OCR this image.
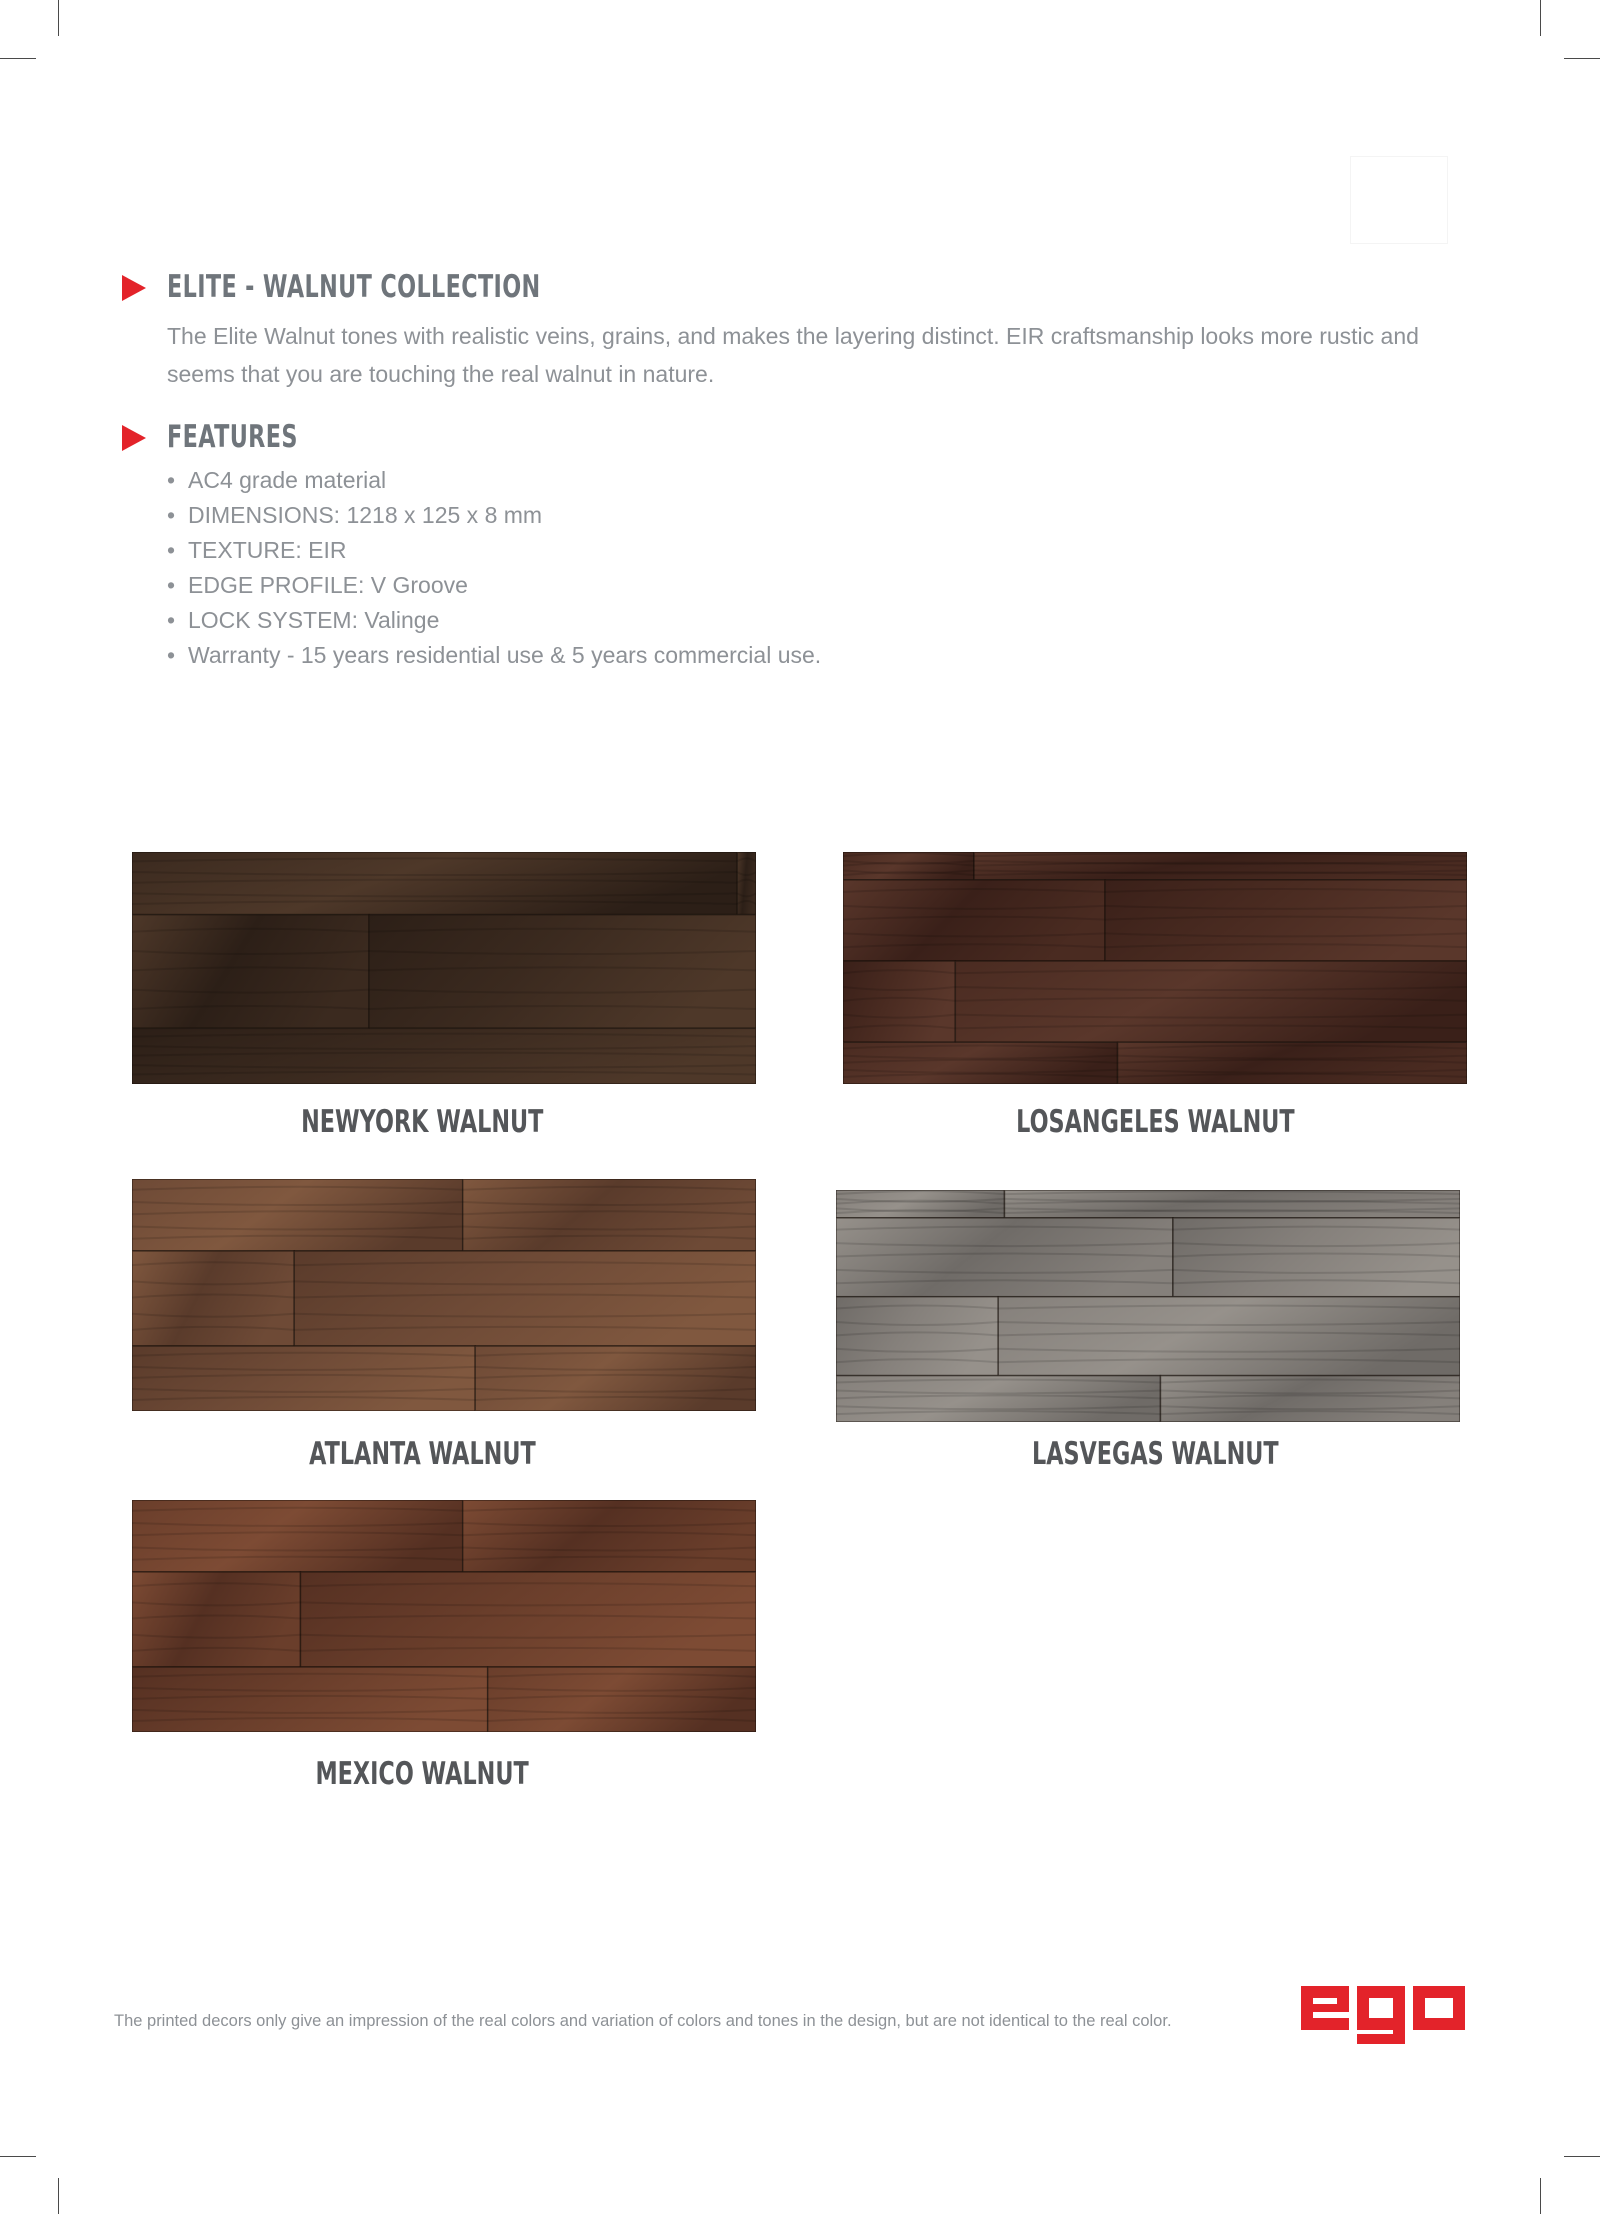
ELITE - WALNUT COLLECTION
The Elite Walnut tones with realistic veins, grains, and makes the layering distinct. EIR craftsmanship looks more rustic and seems that you are touching the real walnut in nature.
FEATURES
• AC4 grade material
• DIMENSIONS: 1218 x 125 x 8 mm
• TEXTURE: EIR
• EDGE PROFILE: V Groove
• LOCK SYSTEM: Valinge
• Warranty - 15 years residential use & 5 years commercial use.
NEWYORK WALNUT	LOSANGELES WALNUT
ATLANTA WALNUT	LASVEGAS WALNUT
MEXICO WALNUT
The printed decors only give an impression of the real colors and variation of colors and tones in the design, but are not identical to the real color.
